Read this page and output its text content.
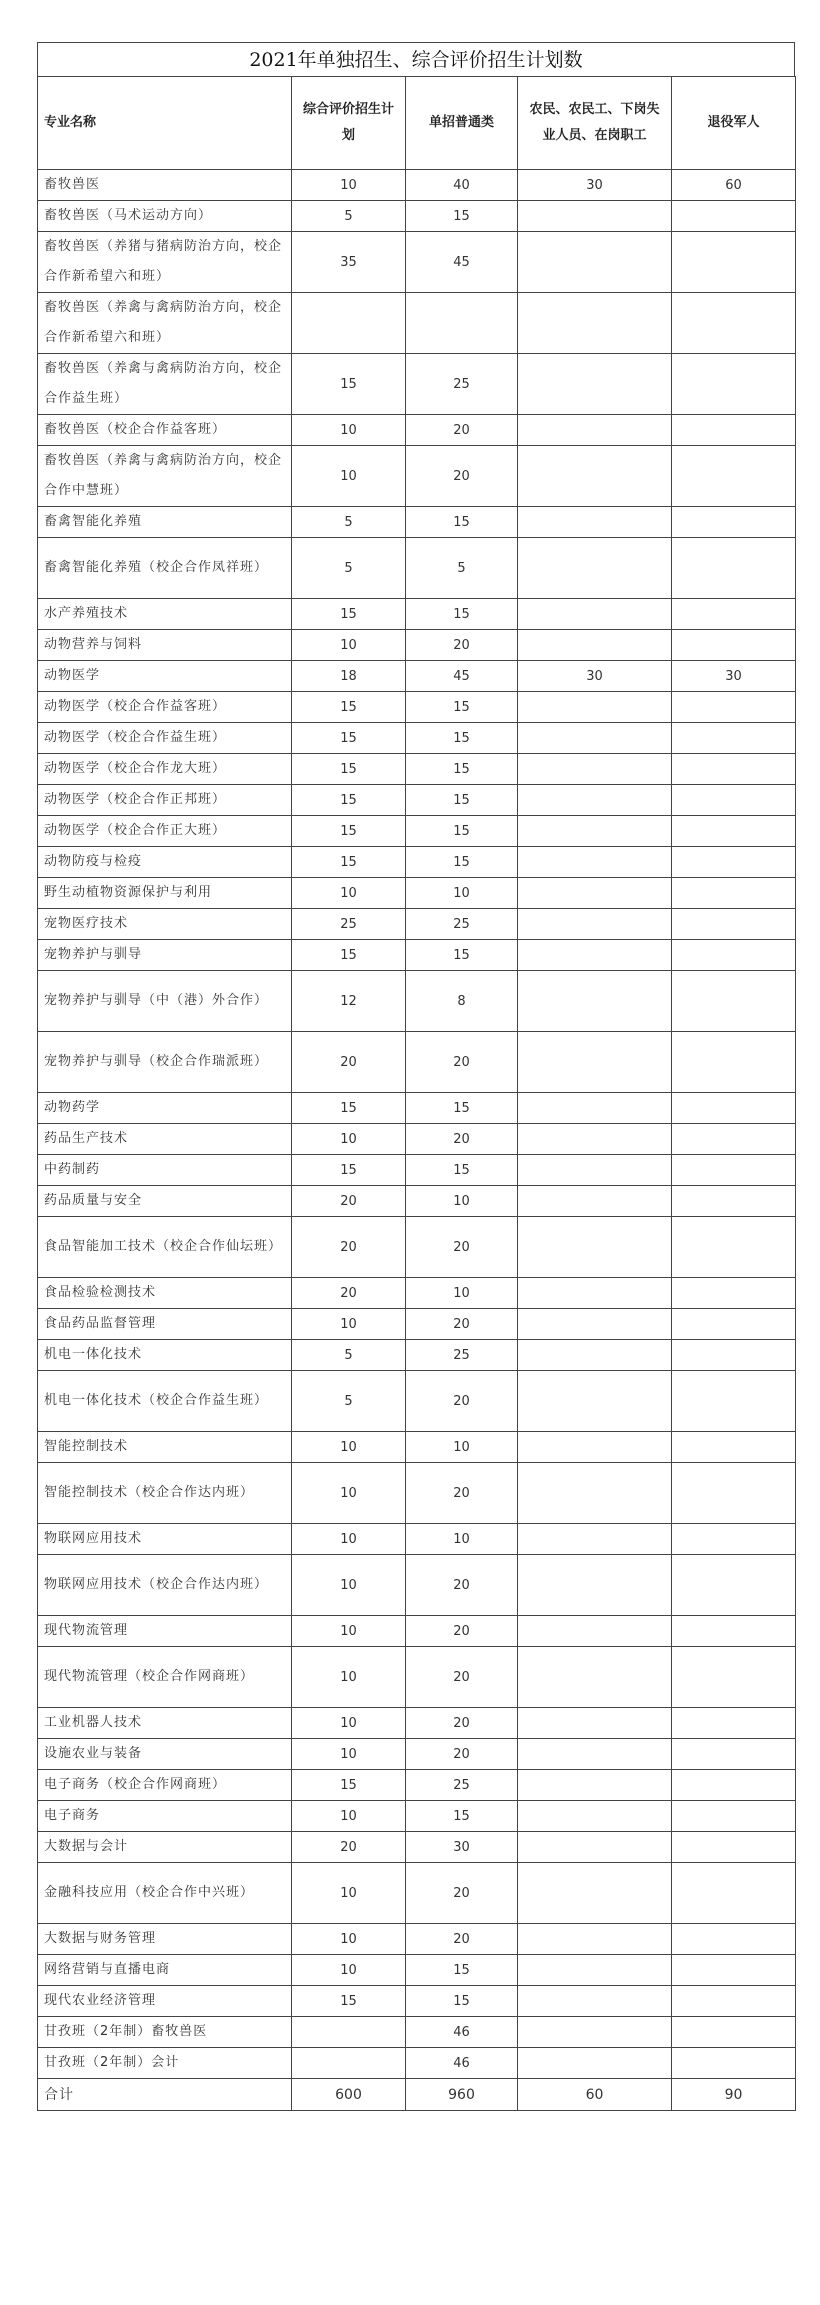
2021年单独招生、综合评价招生计划数
专业名称	综合评价招生计划	单招普通类	农民、农民工、下岗失业人员、在岗职工	退役军人
畜牧兽医	10	40	30	60
畜牧兽医（马术运动方向）	5	15		
畜牧兽医（养猪与猪病防治方向，校企合作新希望六和班）	35	45		
畜牧兽医（养禽与禽病防治方向，校企合作新希望六和班）				
畜牧兽医（养禽与禽病防治方向，校企合作益生班）	15	25		
畜牧兽医（校企合作益客班）	10	20		
畜牧兽医（养禽与禽病防治方向，校企合作中慧班）	10	20		
畜禽智能化养殖	5	15		
畜禽智能化养殖（校企合作凤祥班）	5	5		
水产养殖技术	15	15		
动物营养与饲料	10	20		
动物医学	18	45	30	30
动物医学（校企合作益客班）	15	15		
动物医学（校企合作益生班）	15	15		
动物医学（校企合作龙大班）	15	15		
动物医学（校企合作正邦班）	15	15		
动物医学（校企合作正大班）	15	15		
动物防疫与检疫	15	15		
野生动植物资源保护与利用	10	10		
宠物医疗技术	25	25		
宠物养护与驯导	15	15		
宠物养护与驯导（中（港）外合作）	12	8		
宠物养护与驯导（校企合作瑞派班）	20	20		
动物药学	15	15		
药品生产技术	10	20		
中药制药	15	15		
药品质量与安全	20	10		
食品智能加工技术（校企合作仙坛班）	20	20		
食品检验检测技术	20	10		
食品药品监督管理	10	20		
机电一体化技术	5	25		
机电一体化技术（校企合作益生班）	5	20		
智能控制技术	10	10		
智能控制技术（校企合作达内班）	10	20		
物联网应用技术	10	10		
物联网应用技术（校企合作达内班）	10	20		
现代物流管理	10	20		
现代物流管理（校企合作网商班）	10	20		
工业机器人技术	10	20		
设施农业与装备	10	20		
电子商务（校企合作网商班）	15	25		
电子商务	10	15		
大数据与会计	20	30		
金融科技应用（校企合作中兴班）	10	20		
大数据与财务管理	10	20		
网络营销与直播电商	10	15		
现代农业经济管理	15	15		
甘孜班（2年制）畜牧兽医		46		
甘孜班（2年制）会计		46		
合计	600	960	60	90
